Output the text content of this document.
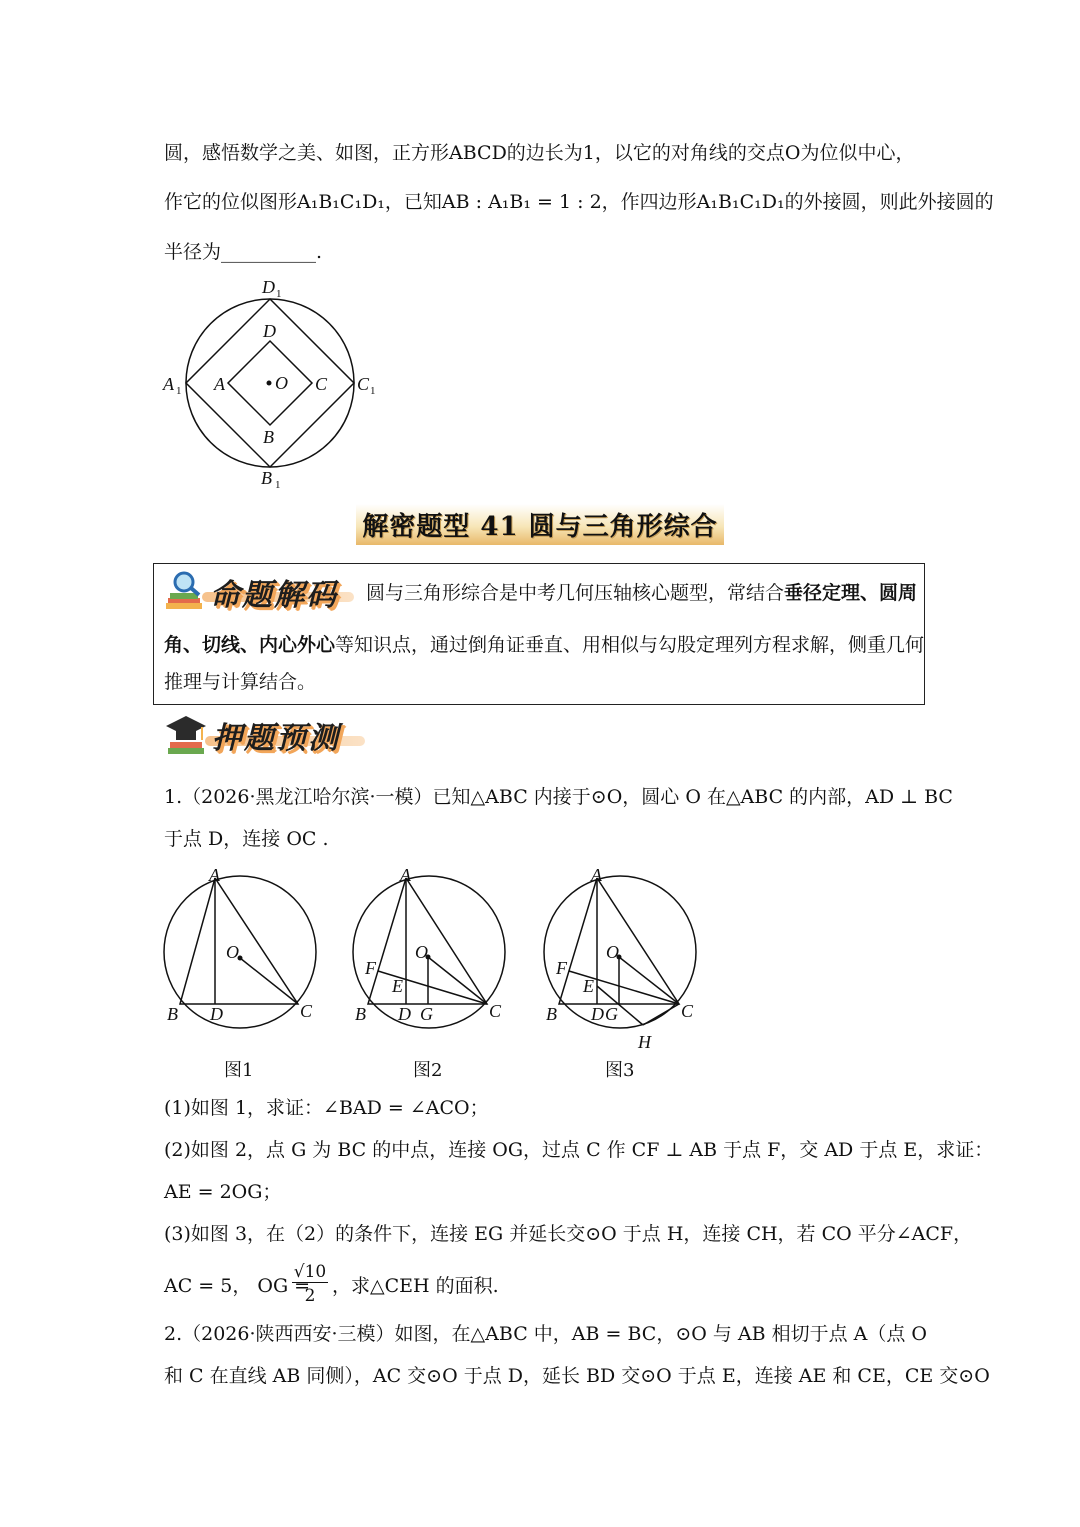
圆，感悟数学之美、如图，正方形ABCD的边长为1，以它的对角线的交点O为位似中心，
作它的位似图形A₁B₁C₁D₁，已知AB : A₁B₁ = 1 : 2，作四边形A₁B₁C₁D₁的外接圆，则此外接圆的
半径为__________.
D 1
D
A 1 A	O C C 1
B
B 1
解密题型 41 圆与三角形综合
命题解码 圆与三角形综合是中考几何压轴核心题型，常结合垂径定理、圆周
角、切线、内心外心等知识点，通过倒角证垂直、用相似与勾股定理列方程求解，侧重几何
推理与计算结合。
押题预测
1.（2026·黑龙江哈尔滨·一模）已知△ABC 内接于⊙O，圆心 O 在△ABC 的内部，AD ⊥ BC
于点 D，连接 OC .
A
O
B D	C
A
O
F
E
B D G	C
A
O
F
E
B D G	C
H
图1	图2	图3
(1)如图 1，求证：∠BAD = ∠ACO；
(2)如图 2，点 G 为 BC 的中点，连接 OG，过点 C 作 CF ⊥ AB 于点 F，交 AD 于点 E，求证：
AE = 2OG；
(3)如图 3，在（2）的条件下，连接 EG 并延长交⊙O 于点 H，连接 CH，若 CO 平分∠ACF，
AC = 5， OG =
√10
2 ，求△CEH 的面积.
2.（2026·陕西西安·三模）如图，在△ABC 中，AB = BC，⊙O 与 AB 相切于点 A（点 O
和 C 在直线 AB 同侧），AC 交⊙O 于点 D，延长 BD 交⊙O 于点 E，连接 AE 和 CE，CE 交⊙O
